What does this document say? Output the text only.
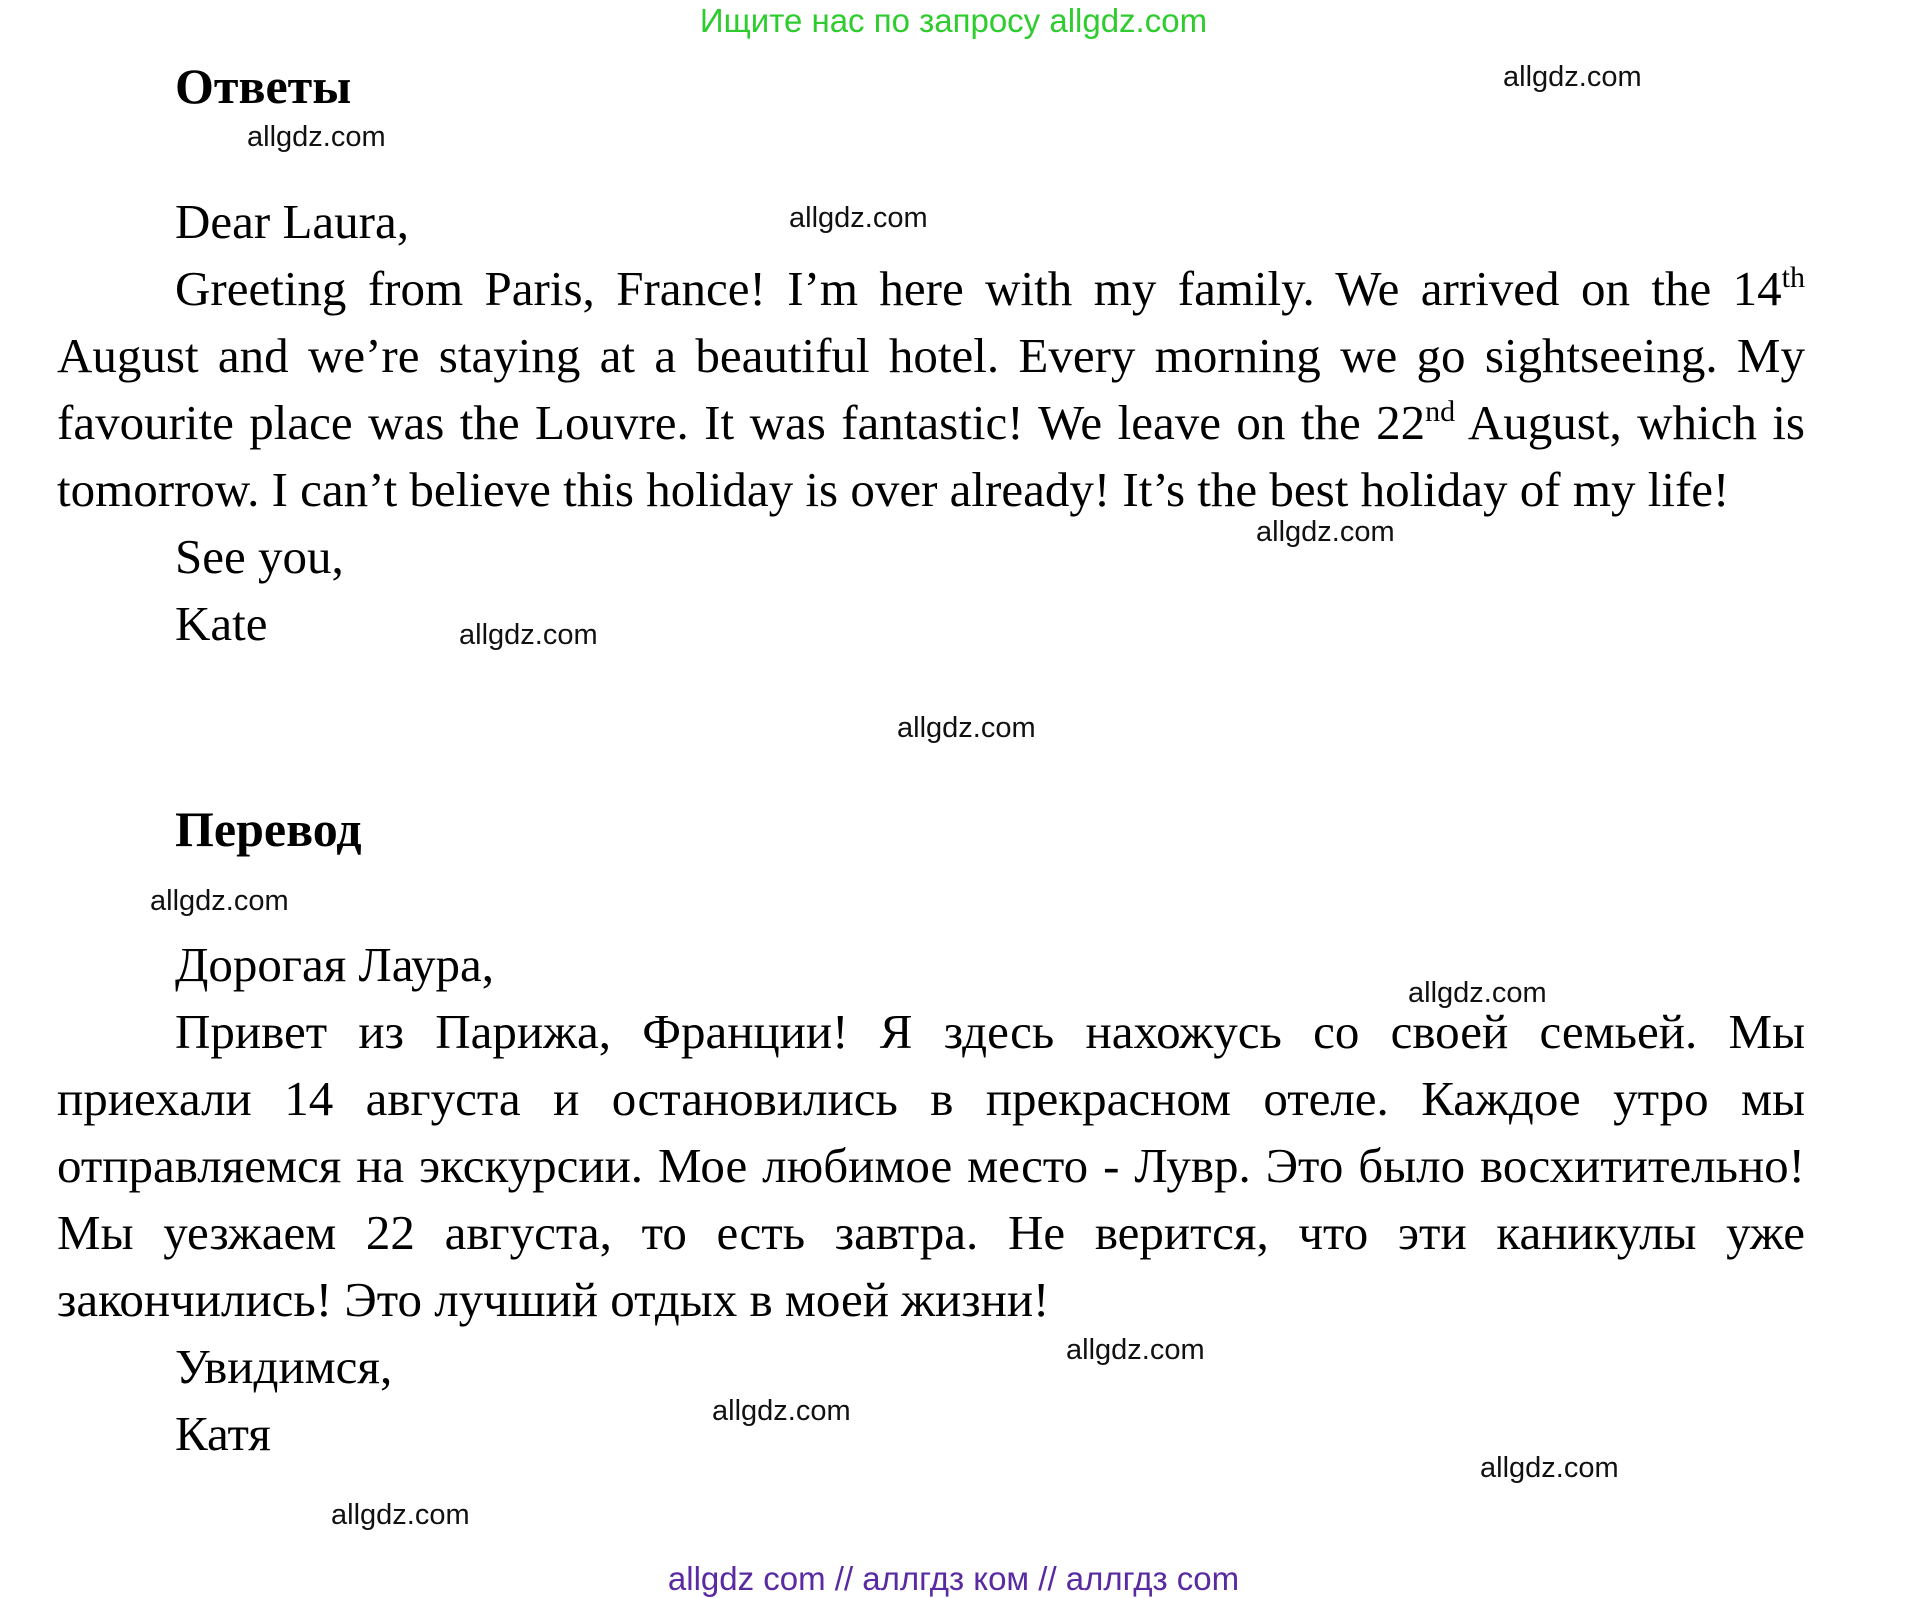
Ищите нас по запросу allgdz.com
Ответы

Dear Laura,

Greeting from Paris, France! I’m here with my family. We arrived on the 14th August and we’re staying at a beautiful hotel. Every morning we go sightseeing. My favourite place was the Louvre. It was fantastic! We leave on the 22nd August, which is tomorrow. I can’t believe this holiday is over already! It’s the best holiday of my life!

See you,

Kate

Перевод

Дорогая Лаура,

Привет из Парижа, Франции! Я здесь нахожусь со своей семьей. Мы приехали 14 августа и остановились в прекрасном отеле. Каждое утро мы отправляемся на экскурсии. Мое любимое место - Лувр. Это было восхитительно! Мы уезжаем 22 августа, то есть завтра. Не верится, что эти каникулы уже закончились! Это лучший отдых в моей жизни!

Увидимся,

Катя

allgdz.com
allgdz.com
allgdz.com
allgdz.com
allgdz.com
allgdz.com
allgdz.com
allgdz.com
allgdz.com
allgdz.com
allgdz.com
allgdz.com
allgdz com // аллгдз ком // аллгдз com
